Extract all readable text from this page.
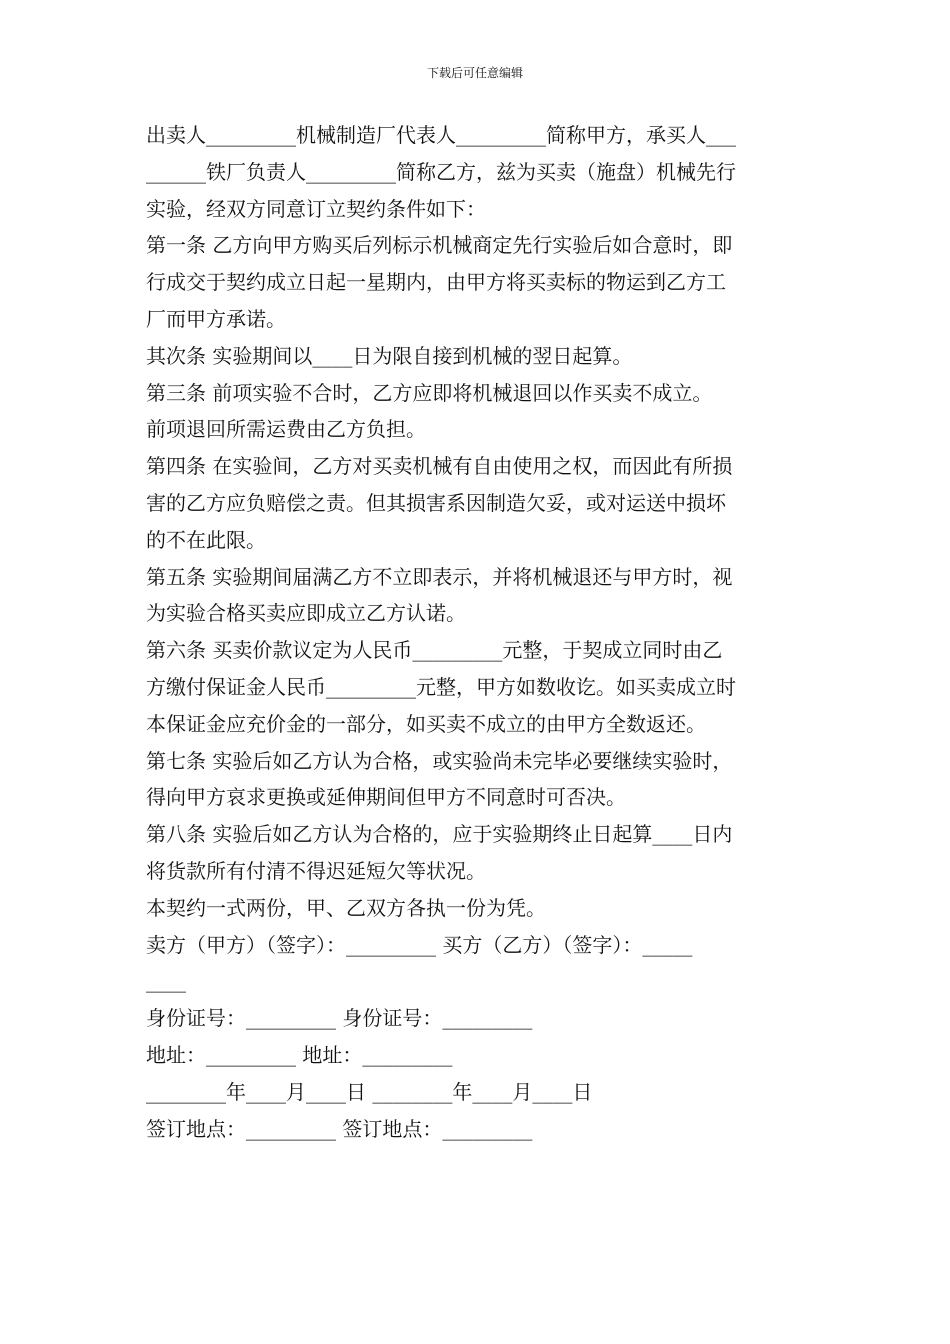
下载后可任意编辑
出卖人_________机械制造厂代表人_________简称甲方，承买人___
______铁厂负责人_________简称乙方，兹为买卖（施盘）机械先行
实验，经双方同意订立契约条件如下：
第一条 乙方向甲方购买后列标示机械商定先行实验后如合意时，即
行成交于契约成立日起一星期内，由甲方将买卖标的物运到乙方工
厂而甲方承诺。
其次条 实验期间以____日为限自接到机械的翌日起算。
第三条 前项实验不合时，乙方应即将机械退回以作买卖不成立。
前项退回所需运费由乙方负担。
第四条 在实验间，乙方对买卖机械有自由使用之权，而因此有所损
害的乙方应负赔偿之责。但其损害系因制造欠妥，或对运送中损坏
的不在此限。
第五条 实验期间届满乙方不立即表示，并将机械退还与甲方时，视
为实验合格买卖应即成立乙方认诺。
第六条 买卖价款议定为人民币_________元整，于契成立同时由乙
方缴付保证金人民币_________元整，甲方如数收讫。如买卖成立时
本保证金应充价金的一部分，如买卖不成立的由甲方全数返还。
第七条 实验后如乙方认为合格，或实验尚未完毕必要继续实验时，
得向甲方哀求更换或延伸期间但甲方不同意时可否决。
第八条 实验后如乙方认为合格的，应于实验期终止日起算____日内
将货款所有付清不得迟延短欠等状况。
本契约一式两份，甲、乙双方各执一份为凭。
卖方（甲方）（签字）：_________ 买方（乙方）（签字）：_____
____
身份证号：_________ 身份证号：_________
地址：_________ 地址：_________
________年____月____日 ________年____月____日
签订地点：_________ 签订地点：_________
